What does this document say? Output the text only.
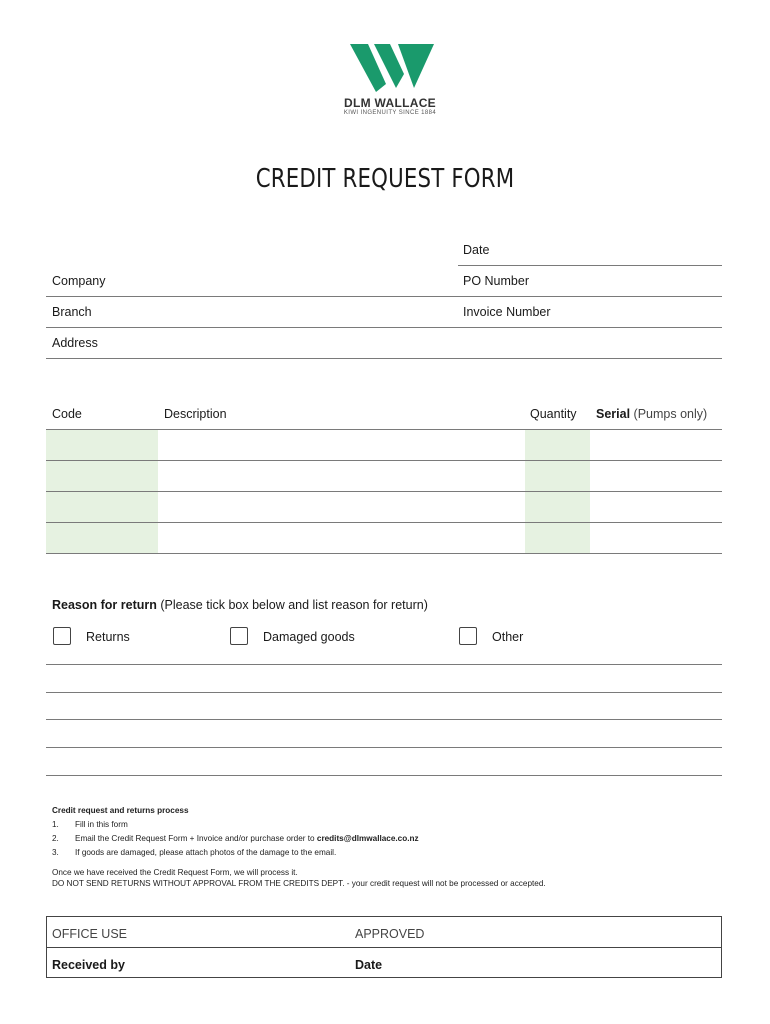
DLM WALLACE
KIWI INGENUITY SINCE 1884
CREDIT REQUEST FORM
Date
Company	PO Number
Branch	Invoice Number
Address
Code	Description	Quantity Serial (Pumps only)
Reason for return (Please tick box below and list reason for return)
Returns	Damaged goods	Other
Credit request and returns process
1. Fill in this form
2. Email the Credit Request Form + Invoice and/or purchase order to credits@dlmwallace.co.nz
3. If goods are damaged, please attach photos of the damage to the email.
Once we have received the Credit Request Form, we will process it.
DO NOT SEND RETURNS WITHOUT APPROVAL FROM THE CREDITS DEPT. - your credit request will not be processed or accepted.
OFFICE USE	APPROVED
Received by	Date
